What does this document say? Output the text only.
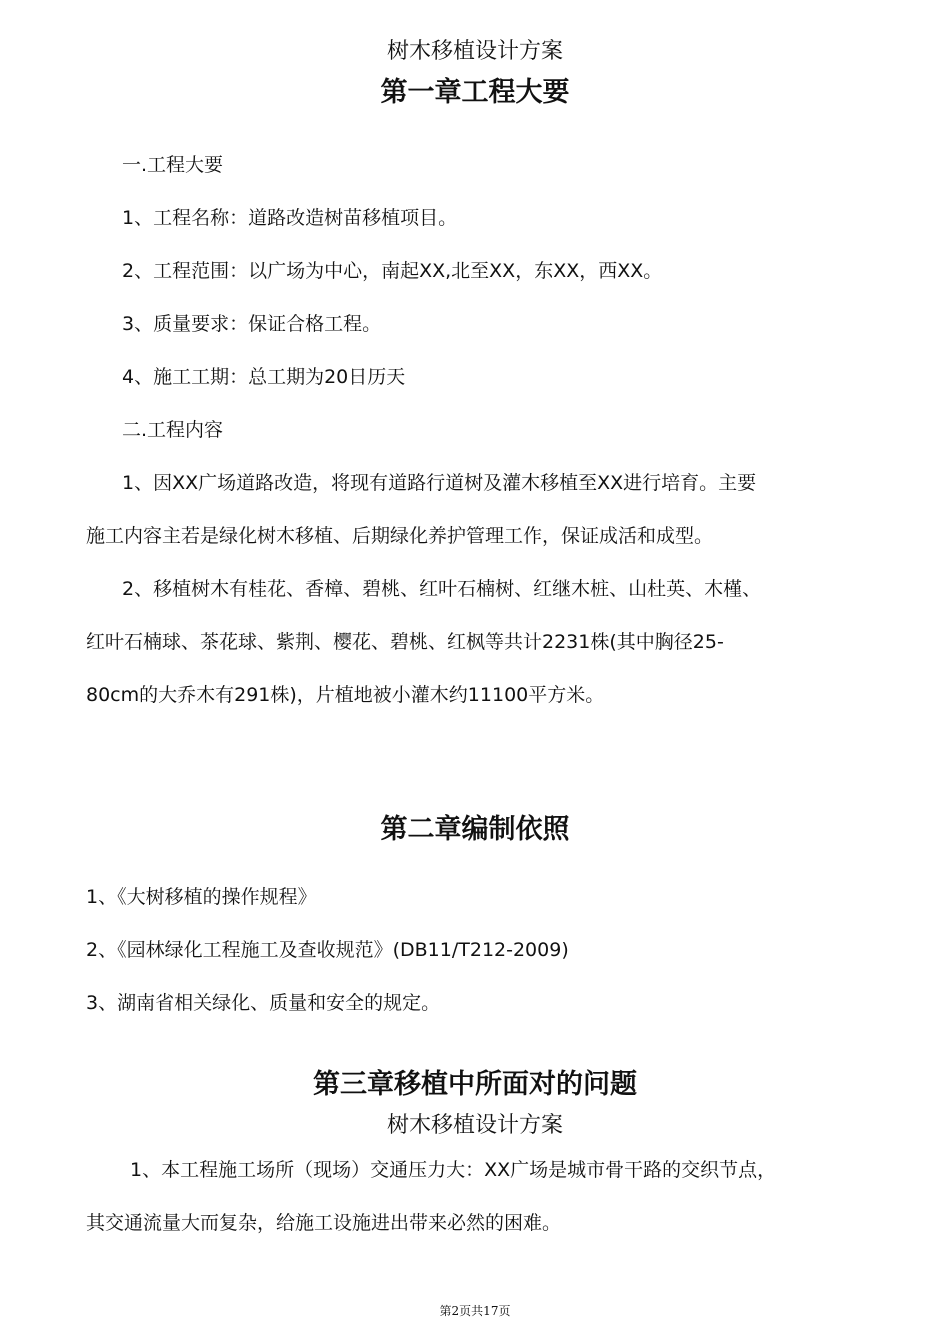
树木移植设计方案
第一章工程大要
一.工程大要
1、工程名称：道路改造树苗移植项目。
2、工程范围：以广场为中心，南起XX,北至XX，东XX，西XX。
3、质量要求：保证合格工程。
4、施工工期：总工期为20日历天
二.工程内容
1、因XX广场道路改造，将现有道路行道树及灌木移植至XX进行培育。主要
施工内容主若是绿化树木移植、后期绿化养护管理工作，保证成活和成型。
2、移植树木有桂花、香樟、碧桃、红叶石楠树、红继木桩、山杜英、木槿、
红叶石楠球、茶花球、紫荆、樱花、碧桃、红枫等共计2231株(其中胸径25-
80cm的大乔木有291株)，片植地被小灌木约11100平方米。
第二章编制依照
1、《大树移植的操作规程》
2、《园林绿化工程施工及查收规范》(DB11/T212-2009)
3、湖南省相关绿化、质量和安全的规定。
第三章移植中所面对的问题
树木移植设计方案
1、本工程施工场所（现场）交通压力大：XX广场是城市骨干路的交织节点，
其交通流量大而复杂，给施工设施进出带来必然的困难。
第2页共17页
